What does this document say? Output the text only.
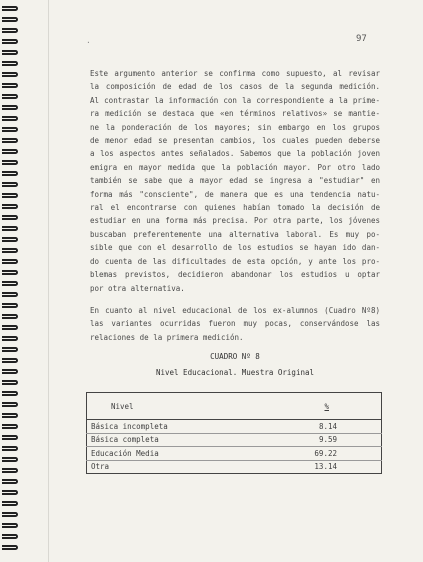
97
·
Este argumento anterior se confirma como supuesto, al revisar
la composición de edad de los casos de la segunda medición.
Al contrastar la información con la correspondiente a la prime-
ra medición se destaca que «en términos relativos» se mantie-
ne la ponderación de los mayores; sin embargo en los grupos
de menor edad se presentan cambios, los cuales pueden deberse
a los aspectos antes señalados. Sabemos que la población joven
emigra en mayor medida que la población mayor. Por otro lado
también se sabe que a mayor edad se ingresa a "estudiar" en
forma más "consciente", de manera que es una tendencia natu-
ral el encontrarse con quienes habían tomado la decisión de
estudiar en una forma más precisa. Por otra parte, los jóvenes
buscaban preferentemente una alternativa laboral. Es muy po-
sible que con el desarrollo de los estudios se hayan ido dan-
do cuenta de las dificultades de esta opción, y ante los pro-
blemas previstos, decidieron abandonar los estudios u optar
por otra alternativa.
En cuanto al nivel educacional de los ex-alumnos (Cuadro Nº8)
las variantes ocurridas fueron muy pocas, conservándose las
relaciones de la primera medición.
CUADRO Nº 8
Nivel Educacional. Muestra Original
Nivel	%
Básica incompleta	8.14
Básica completa	9.59
Educación Media	69.22
Otra	13.14
